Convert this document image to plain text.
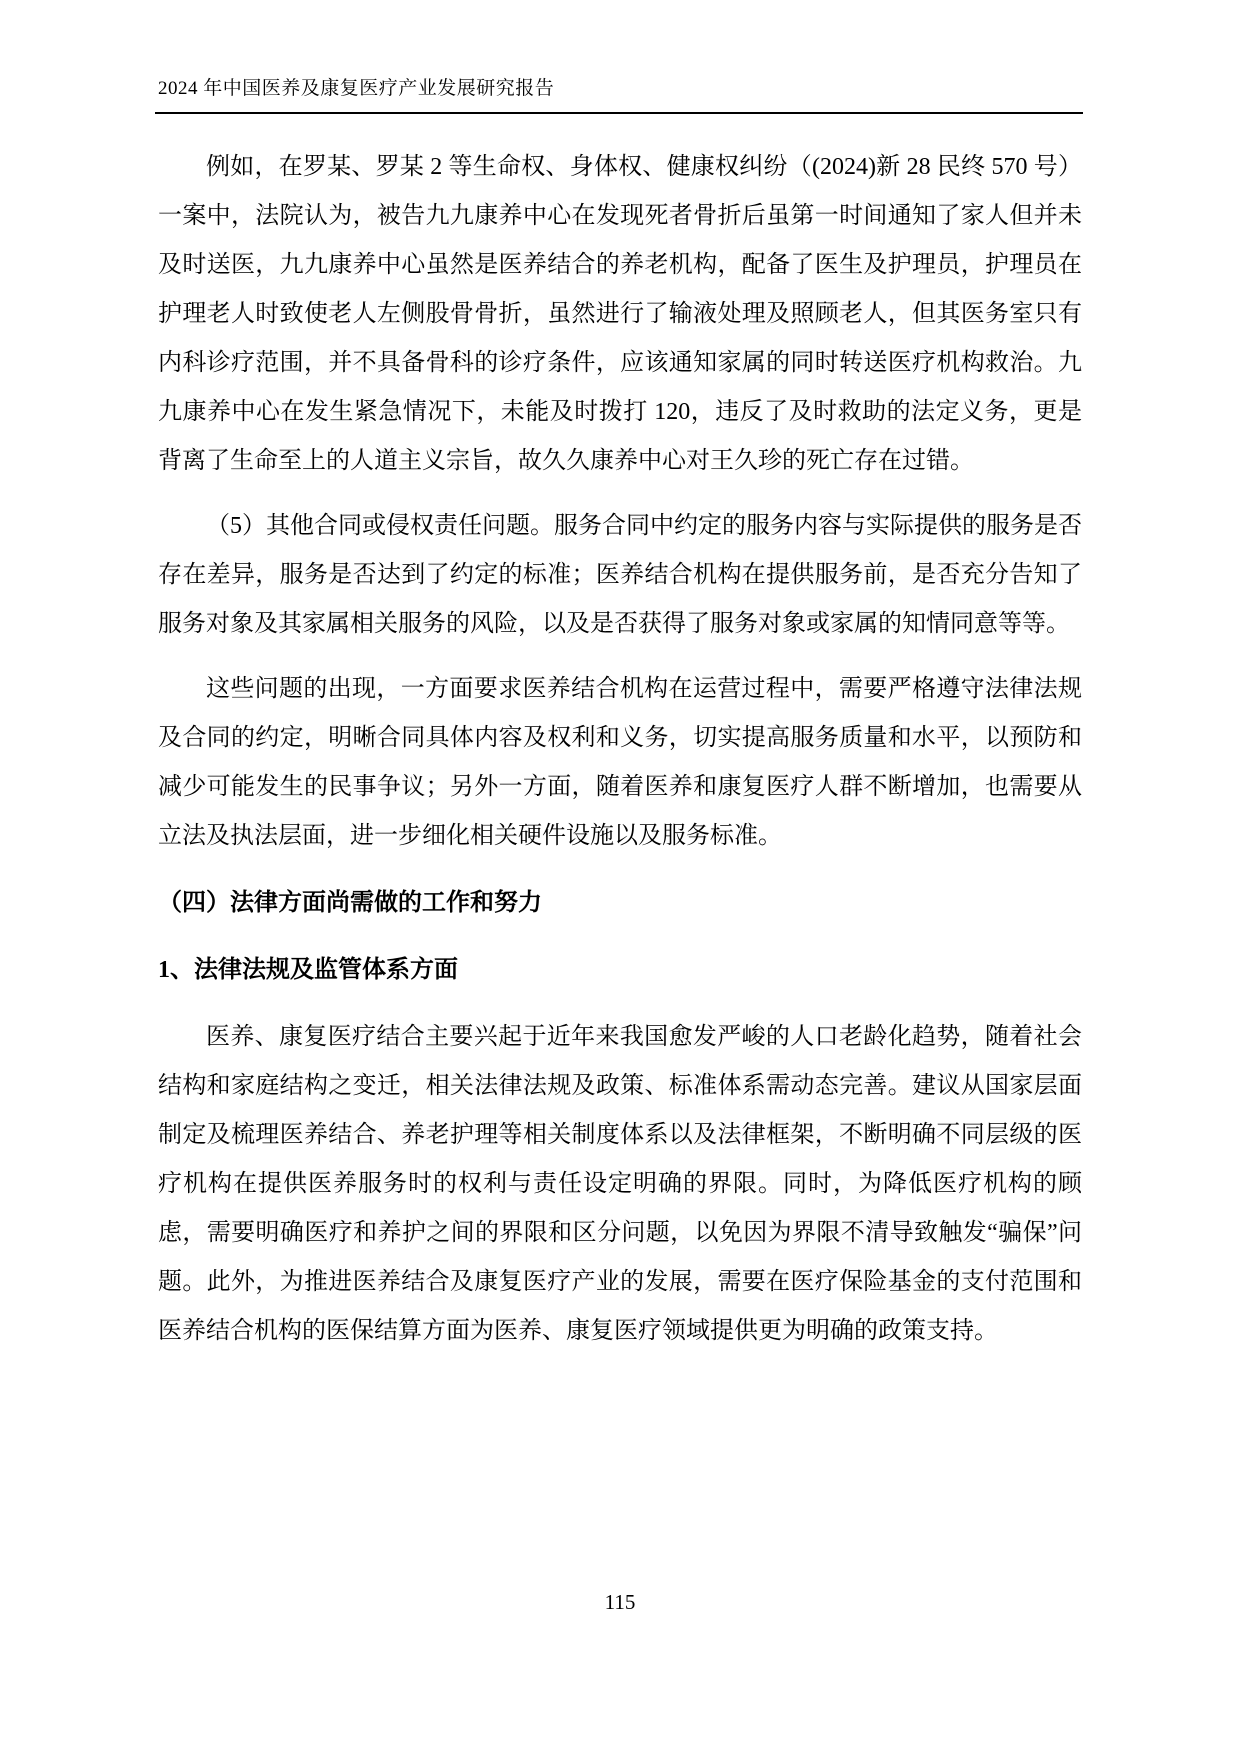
2024 年中国医养及康复医疗产业发展研究报告

例如，在罗某、罗某 2 等生命权、身体权、健康权纠纷（(2024)新 28 民终 570 号）一案中，法院认为，被告九九康养中心在发现死者骨折后虽第一时间通知了家人但并未及时送医，九九康养中心虽然是医养结合的养老机构，配备了医生及护理员，护理员在护理老人时致使老人左侧股骨骨折，虽然进行了输液处理及照顾老人，但其医务室只有内科诊疗范围，并不具备骨科的诊疗条件，应该通知家属的同时转送医疗机构救治。九九康养中心在发生紧急情况下，未能及时拨打 120，违反了及时救助的法定义务，更是背离了生命至上的人道主义宗旨，故久久康养中心对王久珍的死亡存在过错。

（5）其他合同或侵权责任问题。服务合同中约定的服务内容与实际提供的服务是否存在差异，服务是否达到了约定的标准；医养结合机构在提供服务前，是否充分告知了服务对象及其家属相关服务的风险，以及是否获得了服务对象或家属的知情同意等等。

这些问题的出现，一方面要求医养结合机构在运营过程中，需要严格遵守法律法规及合同的约定，明晰合同具体内容及权利和义务，切实提高服务质量和水平，以预防和减少可能发生的民事争议；另外一方面，随着医养和康复医疗人群不断增加，也需要从立法及执法层面，进一步细化相关硬件设施以及服务标准。

（四）法律方面尚需做的工作和努力
1、法律法规及监管体系方面

医养、康复医疗结合主要兴起于近年来我国愈发严峻的人口老龄化趋势，随着社会结构和家庭结构之变迁，相关法律法规及政策、标准体系需动态完善。建议从国家层面制定及梳理医养结合、养老护理等相关制度体系以及法律框架，不断明确不同层级的医疗机构在提供医养服务时的权利与责任设定明确的界限。同时，为降低医疗机构的顾虑，需要明确医疗和养护之间的界限和区分问题，以免因为界限不清导致触发“骗保”问题。此外，为推进医养结合及康复医疗产业的发展，需要在医疗保险基金的支付范围和医养结合机构的医保结算方面为医养、康复医疗领域提供更为明确的政策支持。

115
